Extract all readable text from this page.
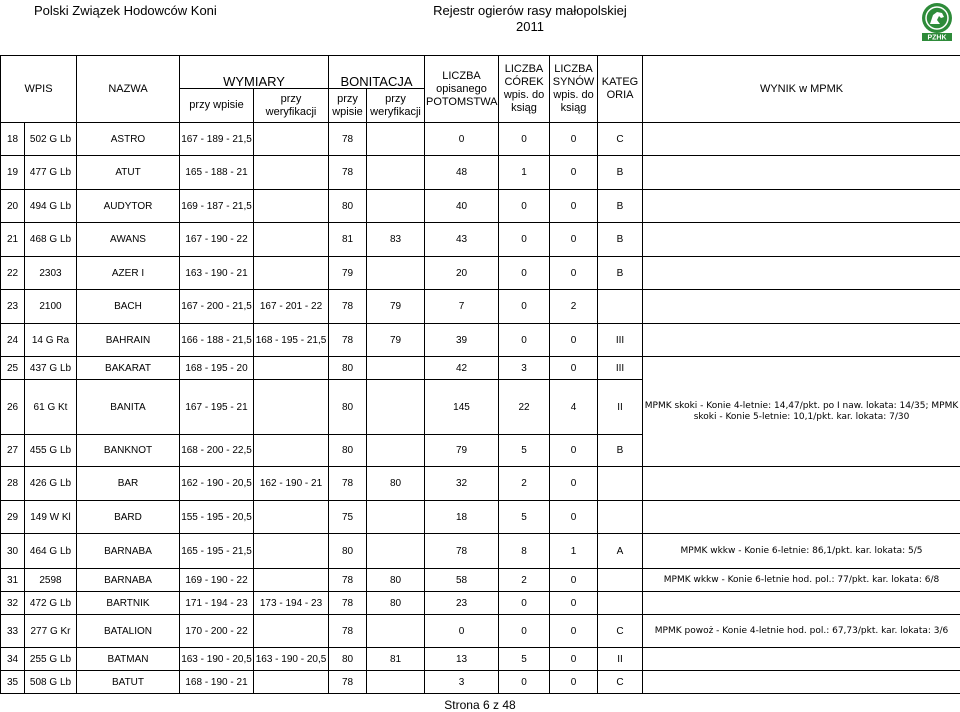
Polski Związek Hodowców Koni	Rejestr ogierów rasy małopolskiej
2011
PZHK
WPIS		NAZWA	WYMIARY		BONITACJA		LICZBA opisanego POTOMSTWA	LICZBA CÓREK wpis. do ksiąg	LICZBA SYNÓW wpis. do ksiąg	KATEG ORIA	WYNIK w MPMK
			przy wpisie	przy weryfikacji	przy wpisie	przy weryfikacji					
18	502 G Lb	ASTRO	167 - 189 - 21,5		78		0	0	0	C	
19	477 G Lb	ATUT	165 - 188 - 21		78		48	1	0	B	
20	494 G Lb	AUDYTOR	169 - 187 - 21,5		80		40	0	0	B	
21	468 G Lb	AWANS	167 - 190 - 22		81	83	43	0	0	B	
22	2303	AZER I	163 - 190 - 21		79		20	0	0	B	
23	2100	BACH	167 - 200 - 21,5	167 - 201 - 22	78	79	7	0	2		
24	14 G Ra	BAHRAIN	166 - 188 - 21,5	168 - 195 - 21,5	78	79	39	0	0	III	
25	437 G Lb	BAKARAT	168 - 195 - 20		80		42	3	0	III	MPMK skoki - Konie 4-letnie: 14,47/pkt. po I naw. lokata: 14/35; MPMK skoki - Konie 5-letnie: 10,1/pkt. kar. lokata: 7/30
26	61 G Kt	BANITA	167 - 195 - 21		80		145	22	4	II	
27	455 G Lb	BANKNOT	168 - 200 - 22,5		80		79	5	0	B	
28	426 G Lb	BAR	162 - 190 - 20,5	162 - 190 - 21	78	80	32	2	0		
29	149 W Kl	BARD	155 - 195 - 20,5		75		18	5	0		
30	464 G Lb	BARNABA	165 - 195 - 21,5		80		78	8	1	A	MPMK wkkw - Konie 6-letnie: 86,1/pkt. kar. lokata: 5/5
31	2598	BARNABA	169 - 190 - 22		78	80	58	2	0		MPMK wkkw - Konie 6-letnie hod. pol.: 77/pkt. kar. lokata: 6/8
32	472 G Lb	BARTNIK	171 - 194 - 23	173 - 194 - 23	78	80	23	0	0		
33	277 G Kr	BATALION	170 - 200 - 22		78		0	0	0	C	MPMK powoż - Konie 4-letnie hod. pol.: 67,73/pkt. kar. lokata: 3/6
34	255 G Lb	BATMAN	163 - 190 - 20,5	163 - 190 - 20,5	80	81	13	5	0	II	
35	508 G Lb	BATUT	168 - 190 - 21		78		3	0	0	C	
Strona 6 z 48
